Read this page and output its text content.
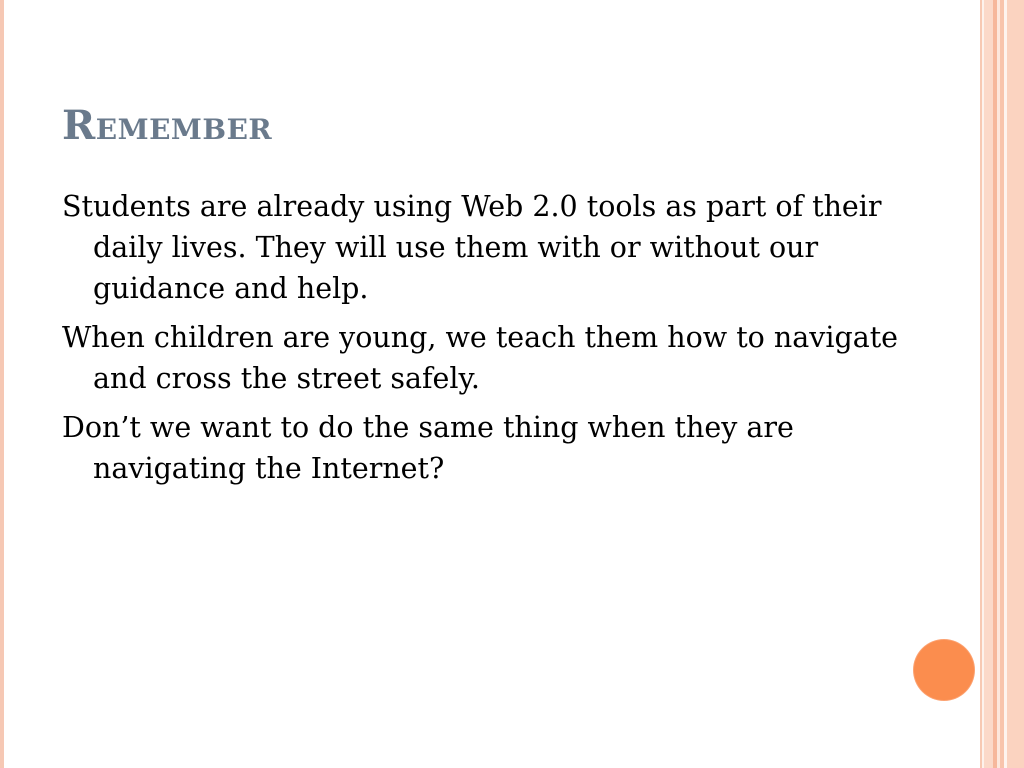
Remember
Students are already using Web 2.0 tools as part of their daily lives. They will use them with or without our guidance and help.
When children are young, we teach them how to navigate and cross the street safely.
Don’t we want to do the same thing when they are navigating the Internet?
